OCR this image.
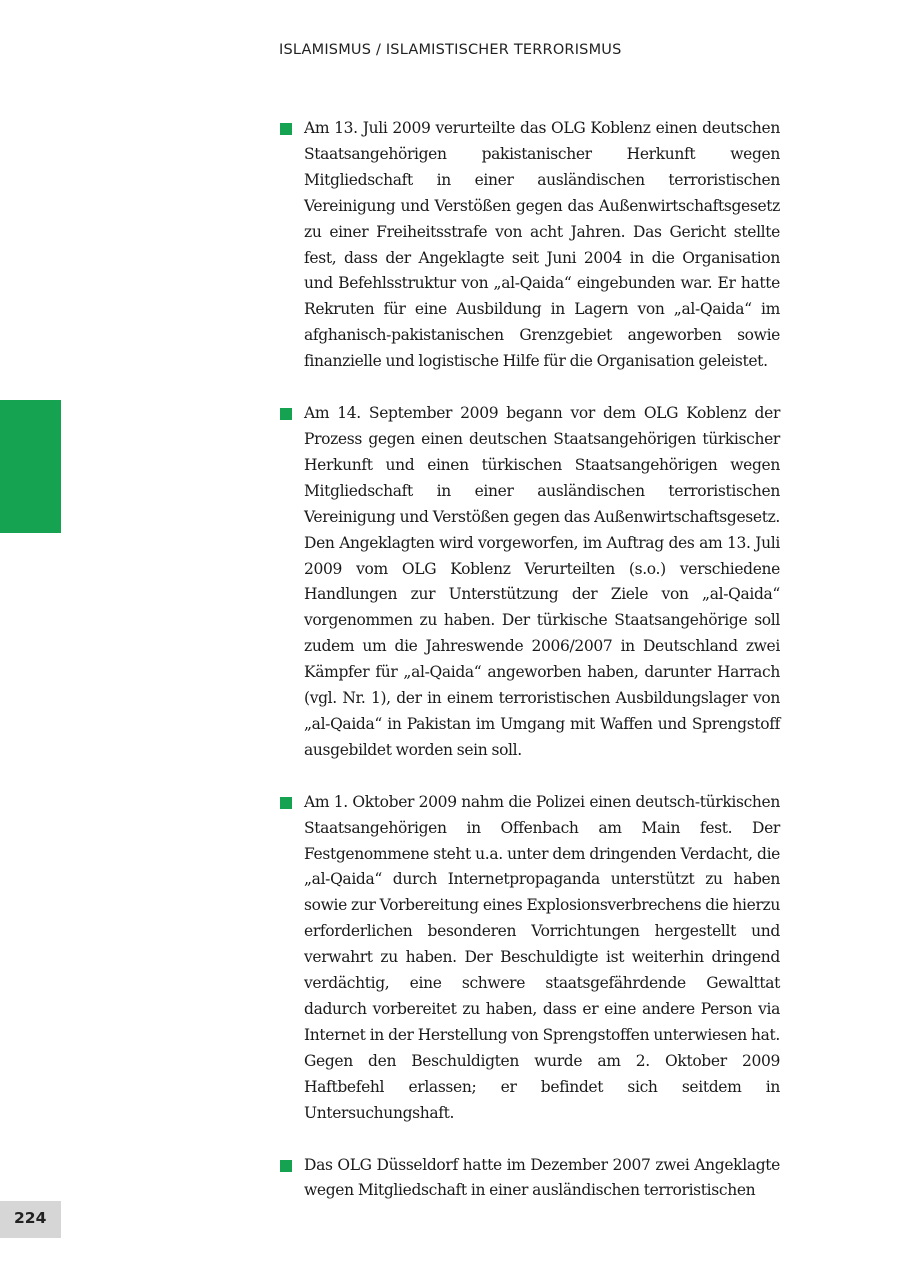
ISLAMISMUS / ISLAMISTISCHER TERRORISMUS

Am 13. Juli 2009 verurteilte das OLG Koblenz einen deutschen Staatsangehörigen pakistanischer Herkunft wegen Mitgliedschaft in einer ausländischen terroristischen Vereinigung und Verstößen gegen das Außenwirtschaftsgesetz zu einer Freiheitsstrafe von acht Jahren. Das Gericht stellte fest, dass der Angeklagte seit Juni 2004 in die Organisation und Befehlsstruktur von „al-Qaida“ eingebunden war. Er hatte Rekruten für eine Ausbildung in Lagern von „al-Qaida“ im afghanisch-pakistanischen Grenzgebiet angeworben sowie finanzielle und logistische Hilfe für die Organisation geleistet.

Am 14. September 2009 begann vor dem OLG Koblenz der Prozess gegen einen deutschen Staatsangehörigen türkischer Herkunft und einen türkischen Staatsangehörigen wegen Mitgliedschaft in einer ausländischen terroristischen Vereinigung und Verstößen gegen das Außenwirtschaftsgesetz. Den Angeklagten wird vorgeworfen, im Auftrag des am 13. Juli 2009 vom OLG Koblenz Verurteilten (s.o.) verschiedene Handlungen zur Unterstützung der Ziele von „al-Qaida“ vorgenommen zu haben. Der türkische Staatsangehörige soll zudem um die Jahreswende 2006/2007 in Deutschland zwei Kämpfer für „al-Qaida“ angeworben haben, darunter Harrach (vgl. Nr. 1), der in einem terroristischen Ausbildungslager von „al-Qaida“ in Pakistan im Umgang mit Waffen und Sprengstoff ausgebildet worden sein soll.

Am 1. Oktober 2009 nahm die Polizei einen deutsch-türkischen Staatsangehörigen in Offenbach am Main fest. Der Festgenommene steht u.a. unter dem dringenden Verdacht, die „al-Qaida“ durch Internetpropaganda unterstützt zu haben sowie zur Vorbereitung eines Explosionsverbrechens die hierzu erforderlichen besonderen Vorrichtungen hergestellt und verwahrt zu haben. Der Beschuldigte ist weiterhin dringend verdächtig, eine schwere staatsgefährdende Gewalttat dadurch vorbereitet zu haben, dass er eine andere Person via Internet in der Herstellung von Sprengstoffen unterwiesen hat. Gegen den Beschuldigten wurde am 2. Oktober 2009 Haftbefehl erlassen; er befindet sich seitdem in Untersuchungshaft.

Das OLG Düsseldorf hatte im Dezember 2007 zwei Angeklagte wegen Mitgliedschaft in einer ausländischen terroristischen

224
